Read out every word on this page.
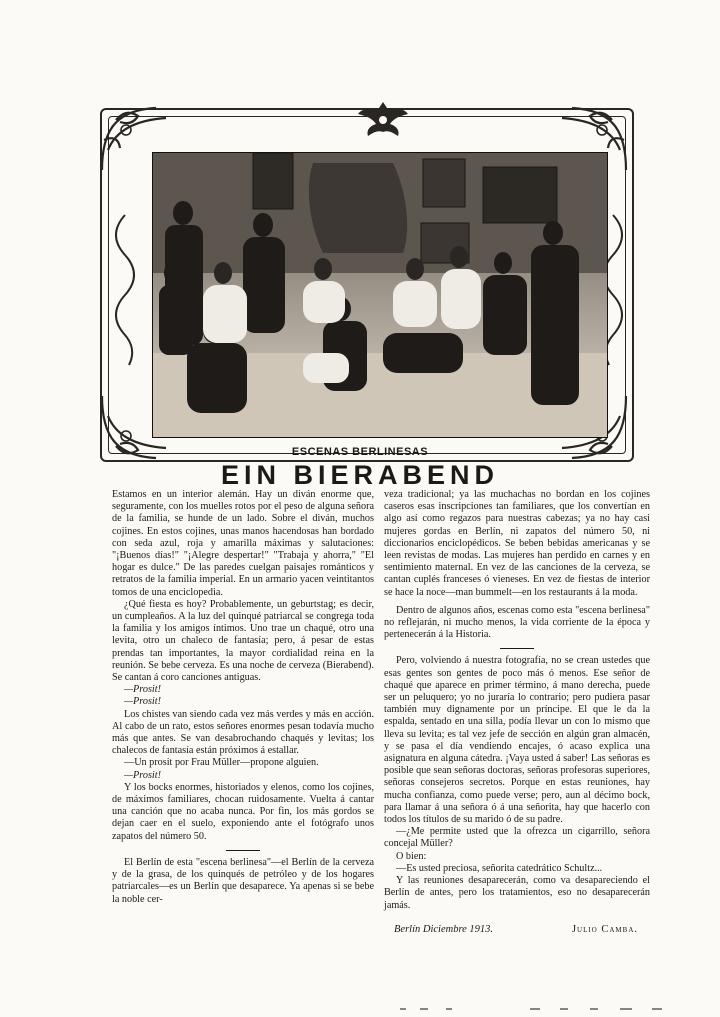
ESCENAS BERLINESAS
EIN BIERABEND

Estamos en un interior alemán. Hay un diván enorme que, seguramente, con los muelles rotos por el peso de alguna señora de la familia, se hunde de un lado. Sobre el diván, muchos cojines. En estos cojines, unas manos hacendosas han bordado con seda azul, roja y amarilla máximas y salutaciones: "¡Buenos días!" "¡Alegre despertar!" "Trabaja y ahorra," "El hogar es dulce." De las paredes cuelgan paisajes románticos y retratos de la familia imperial. En un armario yacen veintitantos tomos de una enciclopedia.

¿Qué fiesta es hoy? Probablemente, un geburtstag; es decir, un cumpleaños. A la luz del quinqué patriarcal se congrega toda la familia y los amigos íntimos. Uno trae un chaqué, otro una levita, otro un chaleco de fantasía; pero, á pesar de estas prendas tan importantes, la mayor cordialidad reina en la reunión. Se bebe cerveza. Es una noche de cerveza (Bierabend). Se cantan á coro canciones antiguas.

—Prosit!

—Prosit!

Los chistes van siendo cada vez más verdes y más en acción. Al cabo de un rato, estos señores enormes pesan todavía mucho más que antes. Se van desabrochando chaqués y levitas; los chalecos de fantasía están próximos á estallar.

—Un prosit por Frau Müller—propone alguien.

—Prosit!

Y los bocks enormes, historiados y elenos, como los cojines, de máximos familiares, chocan ruidosamente. Vuelta á cantar una canción que no acaba nunca. Por fin, los más gordos se dejan caer en el suelo, exponiendo ante el fotógrafo unos zapatos del número 50.

El Berlín de esta "escena berlinesa"—el Berlín de la cerveza y de la grasa, de los quinqués de petróleo y de los hogares patriarcales—es un Berlín que desaparece. Ya apenas si se bebe la noble cer-

veza tradicional; ya las muchachas no bordan en los cojines caseros esas inscripciones tan familiares, que los convertían en algo así como regazos para nuestras cabezas; ya no hay casi mujeres gordas en Berlín, ni zapatos del número 50, ni diccionarios enciclopédicos. Se beben bebidas americanas y se leen revistas de modas. Las mujeres han perdido en carnes y en sentimiento maternal. En vez de las canciones de la cerveza, se cantan cuplés franceses ó vieneses. En vez de fiestas de interior se hace la noce—man bummelt—en los restaurants á la moda.

Dentro de algunos años, escenas como esta "escena berlinesa" no reflejarán, ni mucho menos, la vida corriente de la época y pertenecerán á la Historia.

Pero, volviendo á nuestra fotografía, no se crean ustedes que esas gentes son gentes de poco más ó menos. Ese señor de chaqué que aparece en primer término, á mano derecha, puede ser un peluquero; yo no juraría lo contrario; pero pudiera pasar también muy dignamente por un príncipe. El que le da la espalda, sentado en una silla, podía llevar un con lo mismo que lleva su levita; es tal vez jefe de sección en algún gran almacén, y se pasa el día vendiendo encajes, ó acaso explica una asignatura en alguna cátedra. ¡Vaya usted á saber! Las señoras es posible que sean señoras doctoras, señoras profesoras superiores, señoras consejeros secretos. Porque en estas reuniones, hay mucha confianza, como puede verse; pero, aun al décimo bock, para llamar á una señora ó á una señorita, hay que hacerlo con todos los títulos de su marido ó de su padre.

—¿Me permite usted que la ofrezca un cigarrillo, señora concejal Müller?

O bien:

—Es usted preciosa, señorita catedrático Schultz...

Y las reuniones desaparecerán, como va desapareciendo el Berlín de antes, pero los tratamientos, eso no desaparecerán jamás.

Berlín Diciembre 1913.	Julio Camba.
